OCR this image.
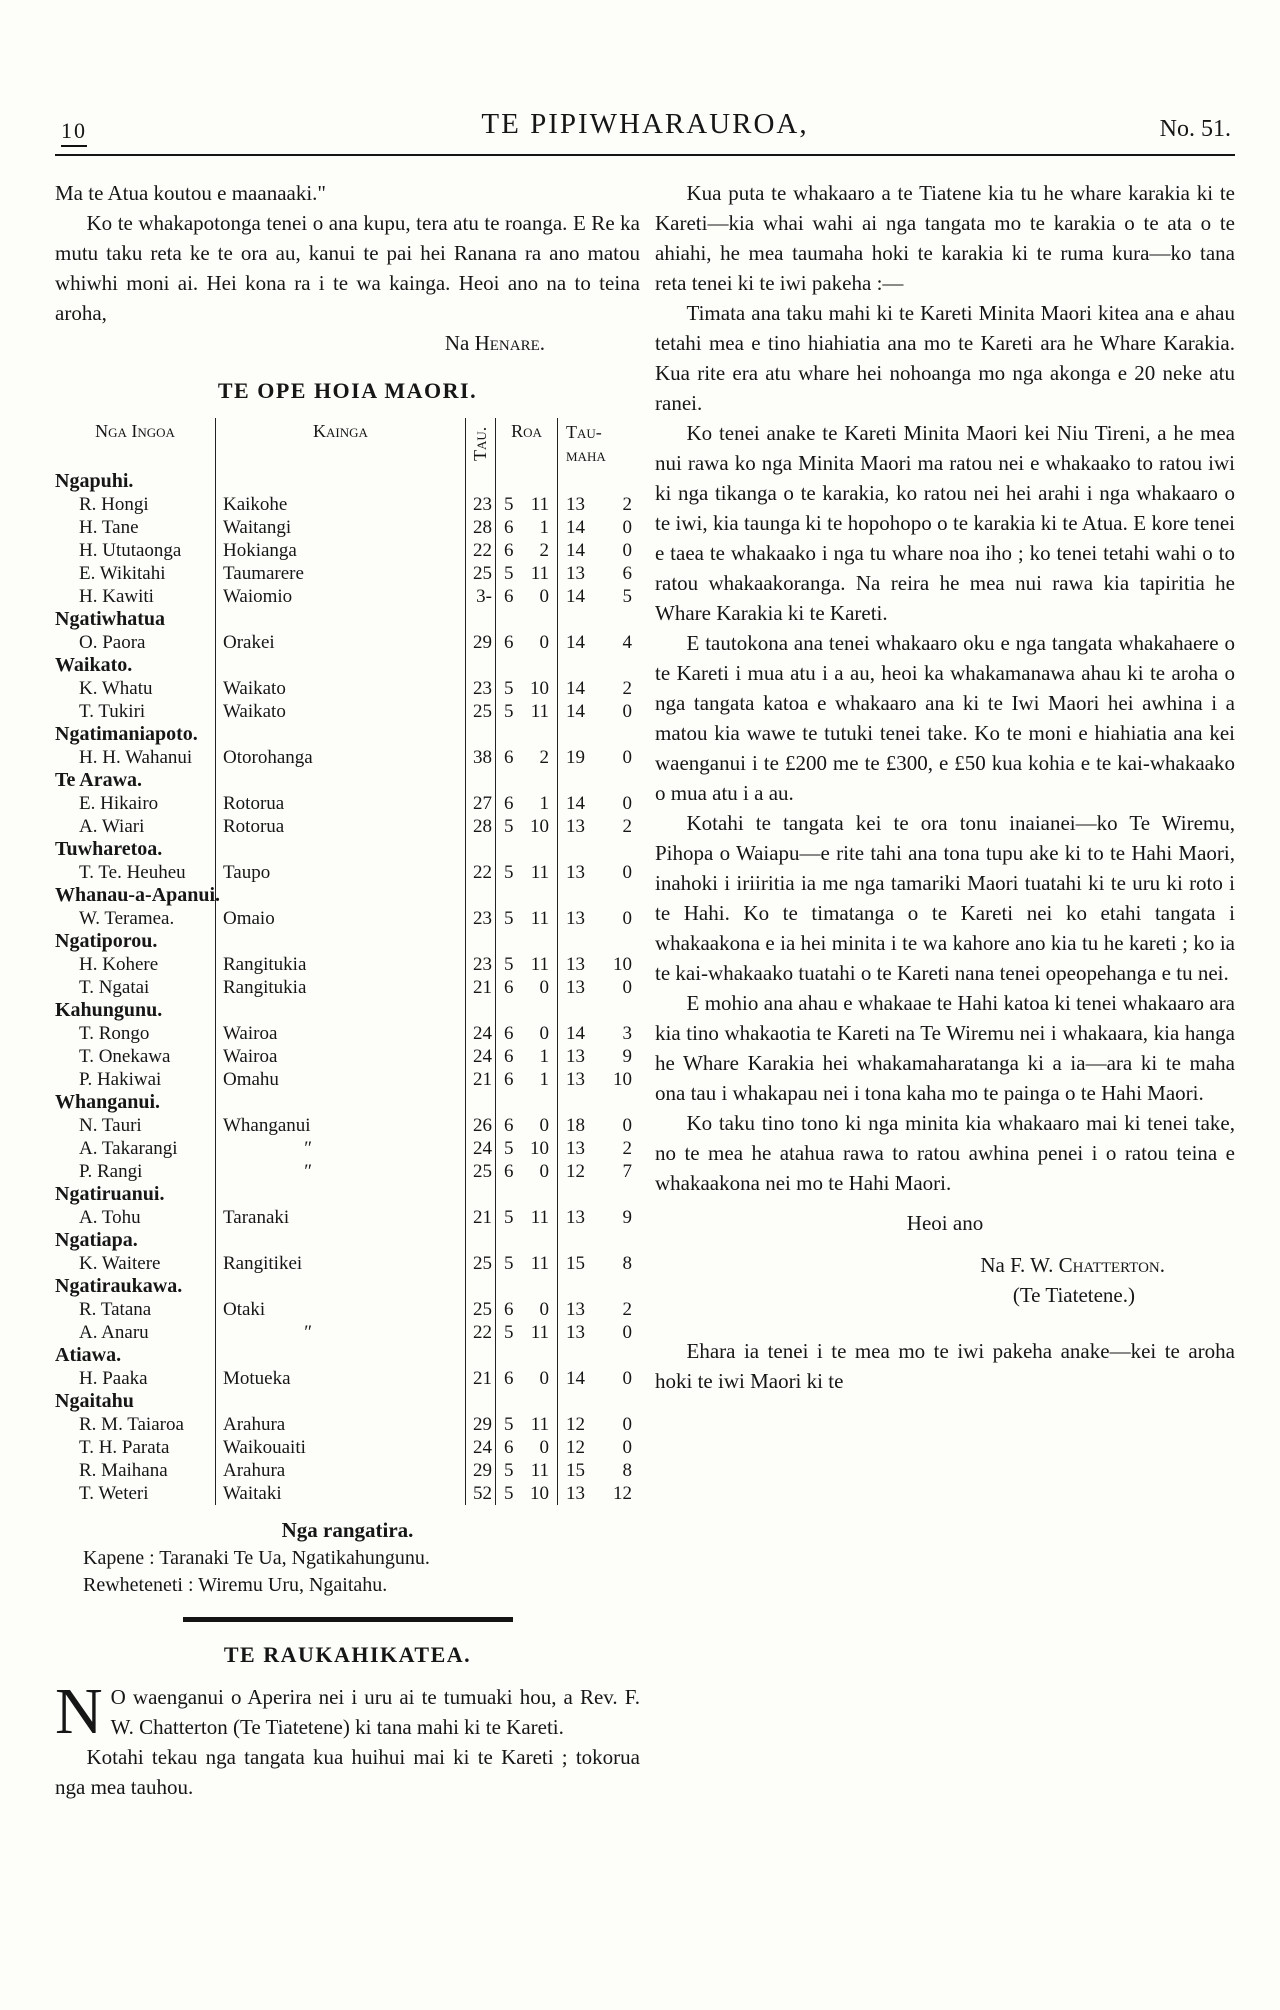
10	TE PIPIWHARAUROA,	No. 51.

Ma te Atua koutou e maanaaki."

Ko te whakapotonga tenei o ana kupu, tera atu te roanga. E Re ka mutu taku reta ke te ora au, kanui te pai hei Ranana ra ano matou whiwhi moni ai. Hei kona ra i te wa kainga. Heoi ano na to teina aroha,

Na Henare.

TE OPE HOIA MAORI.
Nga Ingoa	Kainga	Tau.	Roa	Tau-
maha
Ngapuhi.
R. Hongi	Kaikohe	23 5 11 13 2
H. Tane	Waitangi	28 6 1 14 0
H. Ututaonga	Hokianga	22 6 2 14 0
E. Wikitahi	Taumarere	25 5 11 13 6
H. Kawiti	Waiomio	3- 6 0 14 5
Ngatiwhatua
O. Paora	Orakei	29 6 0 14 4
Waikato.
K. Whatu	Waikato	23 5 10 14 2
T. Tukiri	Waikato	25 5 11 14 0
Ngatimaniapoto.
H. H. Wahanui	Otorohanga	38 6 2 19 0
Te Arawa.
E. Hikairo	Rotorua	27 6 1 14 0
A. Wiari	Rotorua	28 5 10 13 2
Tuwharetoa.
T. Te. Heuheu	Taupo	22 5 11 13 0
Whanau-a-Apanui.
W. Teramea.	Omaio	23 5 11 13 0
Ngatiporou.
H. Kohere	Rangitukia	23 5 11 13 10
T. Ngatai	Rangitukia	21 6 0 13 0
Kahungunu.
T. Rongo	Wairoa	24 6 0 14 3
T. Onekawa	Wairoa	24 6 1 13 9
P. Hakiwai	Omahu	21 6 1 13 10
Whanganui.
N. Tauri	Whanganui	26 6 0 18 0
A. Takarangi	″	24 5 10 13 2
P. Rangi	″	25 6 0 12 7
Ngatiruanui.
A. Tohu	Taranaki	21 5 11 13 9
Ngatiapa.
K. Waitere	Rangitikei	25 5 11 15 8
Ngatiraukawa.
R. Tatana	Otaki	25 6 0 13 2
A. Anaru	″	22 5 11 13 0
Atiawa.
H. Paaka	Motueka	21 6 0 14 0
Ngaitahu
R. M. Taiaroa	Arahura	29 5 11 12 0
T. H. Parata	Waikouaiti	24 6 0 12 0
R. Maihana	Arahura	29 5 11 15 8
T. Weteri	Waitaki	52 5 10 13 12

Nga rangatira.

Kapene : Taranaki Te Ua, Ngatikahungunu.

Rewheteneti : Wiremu Uru, Ngaitahu.

TE RAUKAHIKATEA.

N O waenganui o Aperira nei i uru ai te tumuaki hou, a Rev. F. W. Chatterton (Te Tiatetene) ki tana mahi ki te Kareti.

Kotahi tekau nga tangata kua huihui mai ki te Kareti ; tokorua nga mea tauhou.

Kua puta te whakaaro a te Tiatene kia tu he whare karakia ki te Kareti—kia whai wahi ai nga tangata mo te karakia o te ata o te ahiahi, he mea taumaha hoki te karakia ki te ruma kura—ko tana reta tenei ki te iwi pakeha :—

Timata ana taku mahi ki te Kareti Minita Maori kitea ana e ahau tetahi mea e tino hiahiatia ana mo te Kareti ara he Whare Karakia. Kua rite era atu whare hei nohoanga mo nga akonga e 20 neke atu ranei.

Ko tenei anake te Kareti Minita Maori kei Niu Tireni, a he mea nui rawa ko nga Minita Maori ma ratou nei e whakaako to ratou iwi ki nga tikanga o te karakia, ko ratou nei hei arahi i nga whakaaro o te iwi, kia taunga ki te hopohopo o te karakia ki te Atua. E kore tenei e taea te whakaako i nga tu whare noa iho ; ko tenei tetahi wahi o to ratou whakaakoranga. Na reira he mea nui rawa kia tapiritia he Whare Karakia ki te Kareti.

E tautokona ana tenei whakaaro oku e nga tangata whakahaere o te Kareti i mua atu i a au, heoi ka whakamanawa ahau ki te aroha o nga tangata katoa e whakaaro ana ki te Iwi Maori hei awhina i a matou kia wawe te tutuki tenei take. Ko te moni e hiahiatia ana kei waenganui i te £200 me te £300, e £50 kua kohia e te kai-whakaako o mua atu i a au.

Kotahi te tangata kei te ora tonu inaianei—ko Te Wiremu, Pihopa o Waiapu—e rite tahi ana tona tupu ake ki to te Hahi Maori, inahoki i iriiritia ia me nga tamariki Maori tuatahi ki te uru ki roto i te Hahi. Ko te timatanga o te Kareti nei ko etahi tangata i whakaakona e ia hei minita i te wa kahore ano kia tu he kareti ; ko ia te kai-whakaako tuatahi o te Kareti nana tenei opeopehanga e tu nei.

E mohio ana ahau e whakaae te Hahi katoa ki tenei whakaaro ara kia tino whakaotia te Kareti na Te Wiremu nei i whakaara, kia hanga he Whare Karakia hei whakamaharatanga ki a ia—ara ki te maha ona tau i whakapau nei i tona kaha mo te painga o te Hahi Maori.

Ko taku tino tono ki nga minita kia whakaaro mai ki tenei take, no te mea he atahua rawa to ratou awhina penei i o ratou teina e whakaakona nei mo te Hahi Maori.

Heoi ano

Na F. W. Chatterton.

(Te Tiatetene.)

Ehara ia tenei i te mea mo te iwi pakeha anake—kei te aroha hoki te iwi Maori ki te
